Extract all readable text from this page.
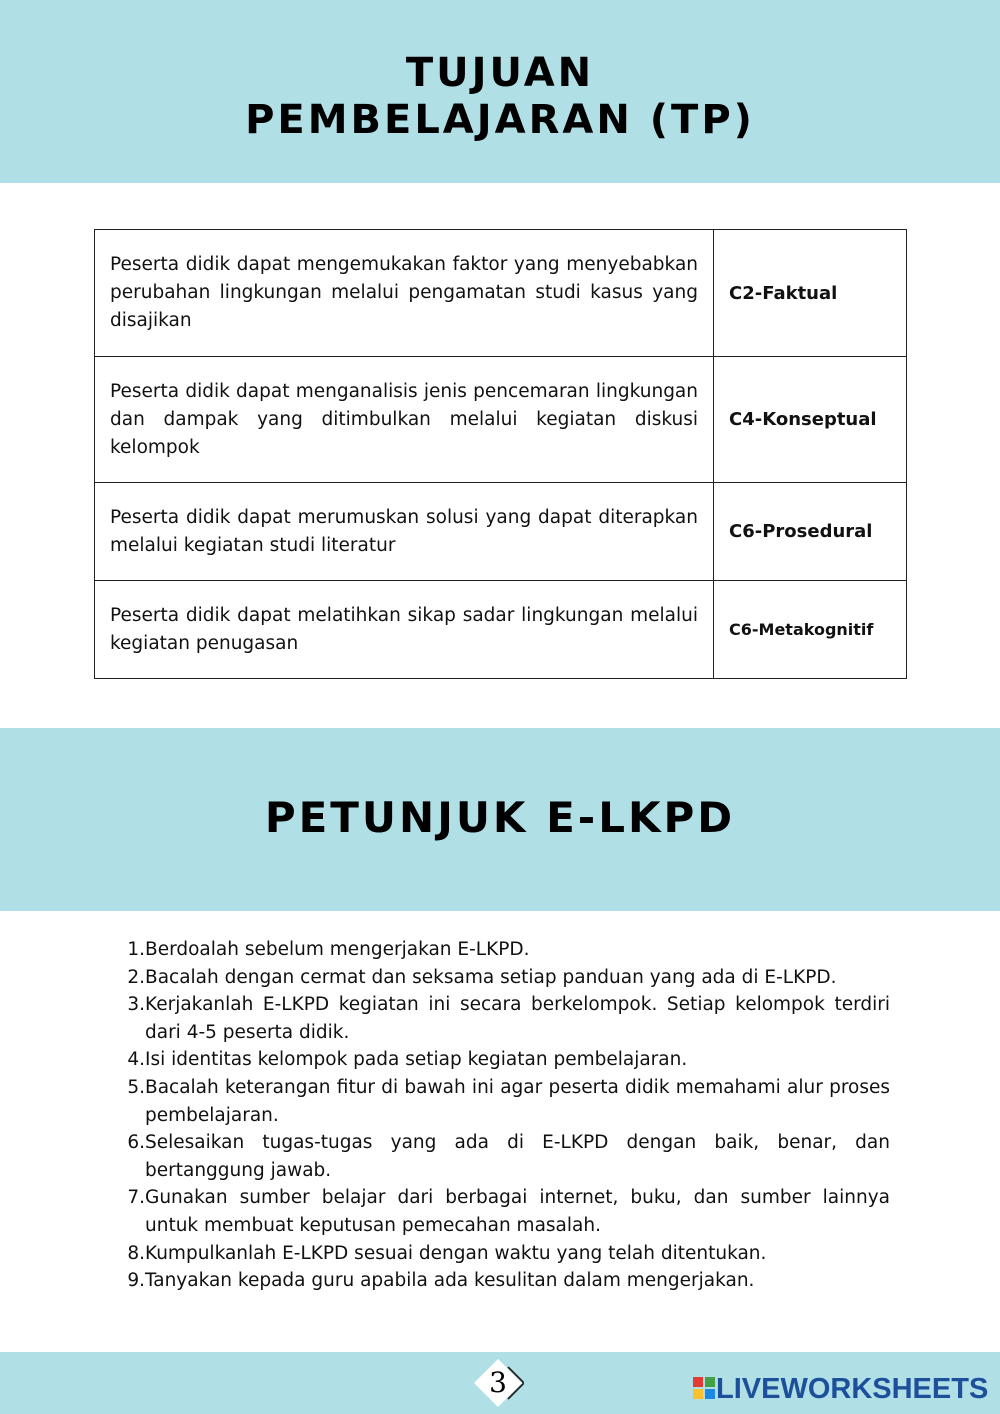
TUJUAN
PEMBELAJARAN (TP)
Peserta didik dapat mengemukakan faktor yang menyebabkan perubahan lingkungan melalui pengamatan studi kasus yang disajikan	C2-Faktual
Peserta didik dapat menganalisis jenis pencemaran lingkungan dan dampak yang ditimbulkan melalui kegiatan diskusi kelompok	C4-Konseptual
Peserta didik dapat merumuskan solusi yang dapat diterapkan melalui kegiatan studi literatur	C6-Prosedural
Peserta didik dapat melatihkan sikap sadar lingkungan melalui kegiatan penugasan	C6-Metakognitif
PETUNJUK E-LKPD
1. Berdoalah sebelum mengerjakan E-LKPD.
2. Bacalah dengan cermat dan seksama setiap panduan yang ada di E-LKPD.
3. Kerjakanlah E-LKPD kegiatan ini secara berkelompok. Setiap kelompok terdiri dari 4-5 peserta didik.
4. Isi identitas kelompok pada setiap kegiatan pembelajaran.
5. Bacalah keterangan fitur di bawah ini agar peserta didik memahami alur proses pembelajaran.
6. Selesaikan tugas-tugas yang ada di E-LKPD dengan baik, benar, dan bertanggung jawab.
7. Gunakan sumber belajar dari berbagai internet, buku, dan sumber lainnya untuk membuat keputusan pemecahan masalah.
8. Kumpulkanlah E-LKPD sesuai dengan waktu yang telah ditentukan.
9. Tanyakan kepada guru apabila ada kesulitan dalam mengerjakan.
3	LIVEWORKSHEETS
